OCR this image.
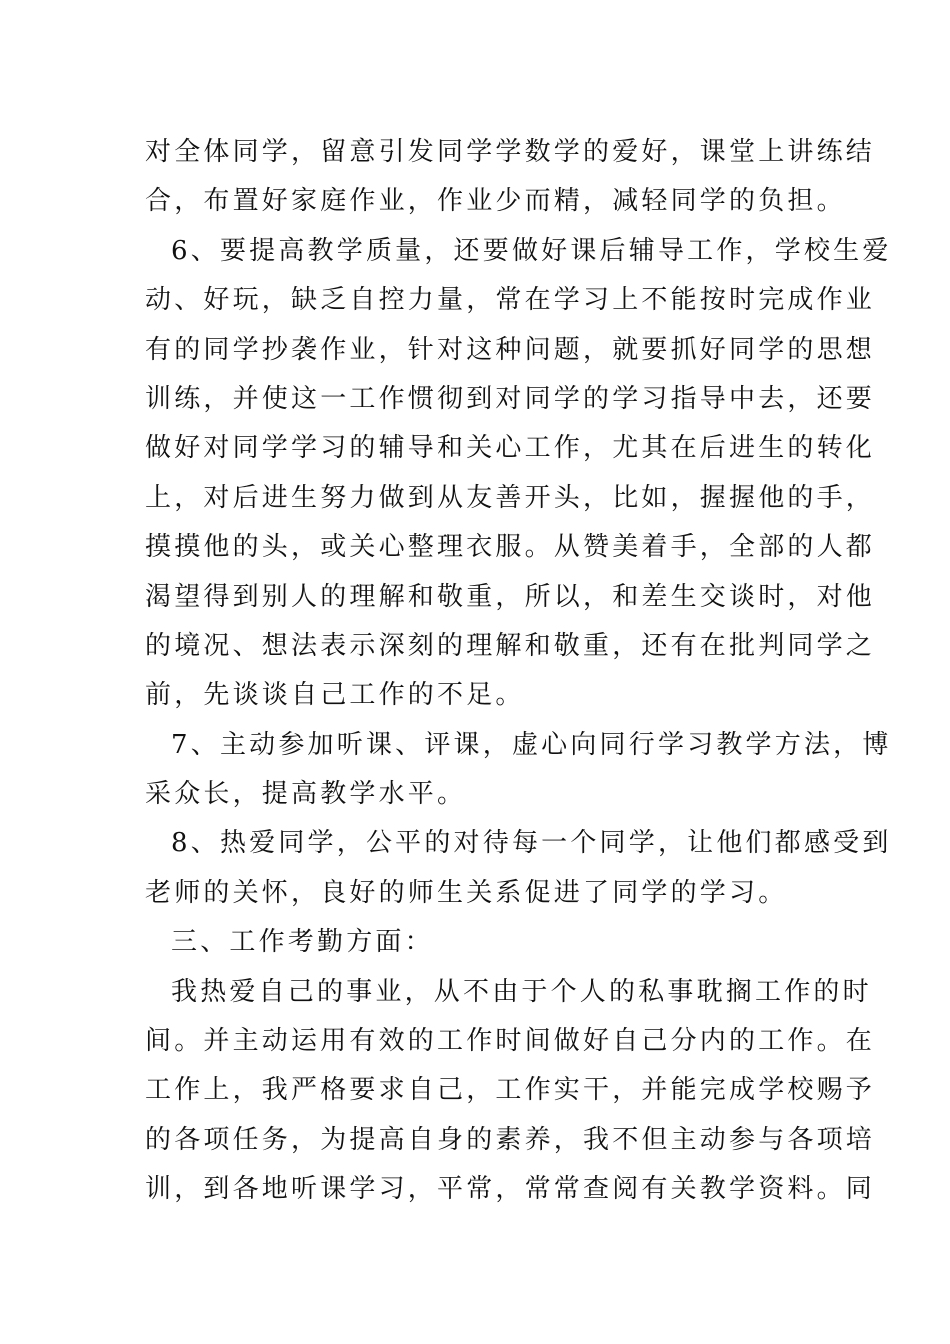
对全体同学，留意引发同学学数学的爱好，课堂上讲练结
合，布置好家庭作业，作业少而精，减轻同学的负担。
6、要提高教学质量，还要做好课后辅导工作，学校生爱
动、好玩，缺乏自控力量，常在学习上不能按时完成作业
有的同学抄袭作业，针对这种问题，就要抓好同学的思想
训练，并使这一工作惯彻到对同学的学习指导中去，还要
做好对同学学习的辅导和关心工作，尤其在后进生的转化
上，对后进生努力做到从友善开头，比如，握握他的手，
摸摸他的头，或关心整理衣服。从赞美着手，全部的人都
渴望得到别人的理解和敬重，所以，和差生交谈时，对他
的境况、想法表示深刻的理解和敬重，还有在批判同学之
前，先谈谈自己工作的不足。
7、主动参加听课、评课，虚心向同行学习教学方法，博
采众长，提高教学水平。
8、热爱同学，公平的对待每一个同学，让他们都感受到
老师的关怀，良好的师生关系促进了同学的学习。
三、工作考勤方面：
我热爱自己的事业，从不由于个人的私事耽搁工作的时
间。并主动运用有效的工作时间做好自己分内的工作。在
工作上，我严格要求自己，工作实干，并能完成学校赐予
的各项任务，为提高自身的素养，我不但主动参与各项培
训，到各地听课学习，平常，常常查阅有关教学资料。同
